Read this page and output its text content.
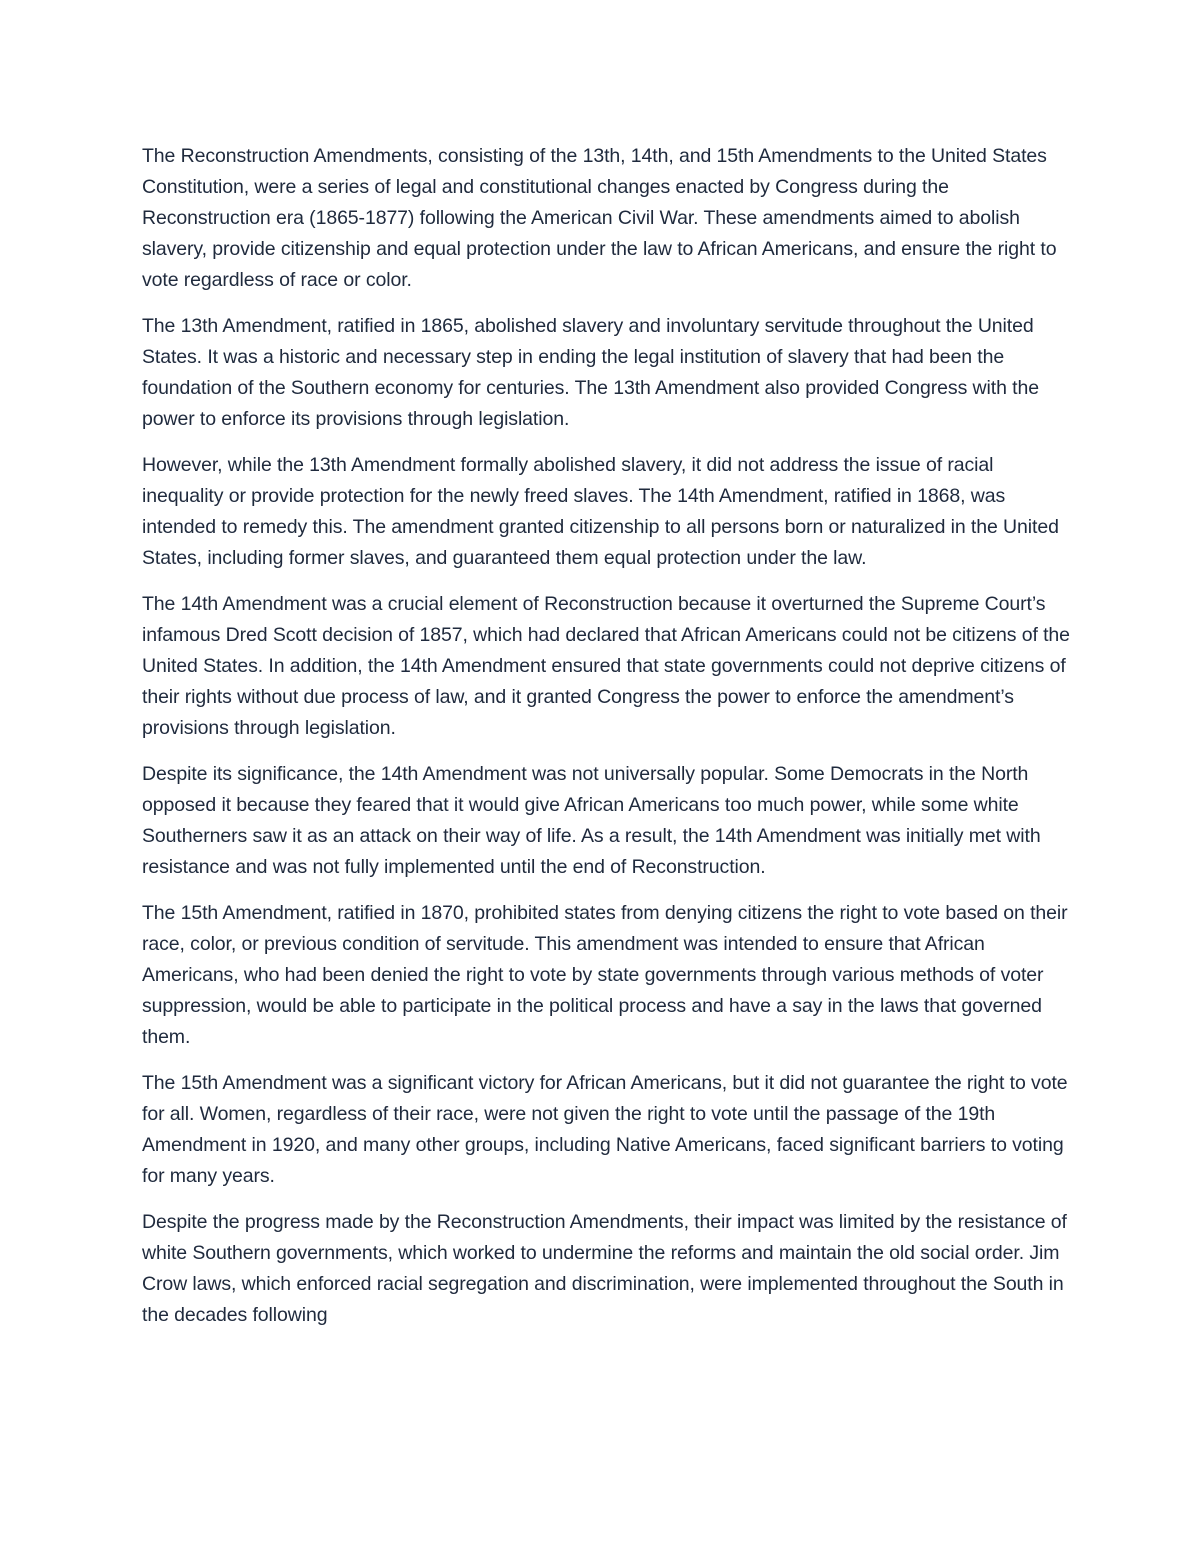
The Reconstruction Amendments, consisting of the 13th, 14th, and 15th Amendments to the United States Constitution, were a series of legal and constitutional changes enacted by Congress during the Reconstruction era (1865-1877) following the American Civil War. These amendments aimed to abolish slavery, provide citizenship and equal protection under the law to African Americans, and ensure the right to vote regardless of race or color.

The 13th Amendment, ratified in 1865, abolished slavery and involuntary servitude throughout the United States. It was a historic and necessary step in ending the legal institution of slavery that had been the foundation of the Southern economy for centuries. The 13th Amendment also provided Congress with the power to enforce its provisions through legislation.

However, while the 13th Amendment formally abolished slavery, it did not address the issue of racial inequality or provide protection for the newly freed slaves. The 14th Amendment, ratified in 1868, was intended to remedy this. The amendment granted citizenship to all persons born or naturalized in the United States, including former slaves, and guaranteed them equal protection under the law.

The 14th Amendment was a crucial element of Reconstruction because it overturned the Supreme Court’s infamous Dred Scott decision of 1857, which had declared that African Americans could not be citizens of the United States. In addition, the 14th Amendment ensured that state governments could not deprive citizens of their rights without due process of law, and it granted Congress the power to enforce the amendment’s provisions through legislation.

Despite its significance, the 14th Amendment was not universally popular. Some Democrats in the North opposed it because they feared that it would give African Americans too much power, while some white Southerners saw it as an attack on their way of life. As a result, the 14th Amendment was initially met with resistance and was not fully implemented until the end of Reconstruction.

The 15th Amendment, ratified in 1870, prohibited states from denying citizens the right to vote based on their race, color, or previous condition of servitude. This amendment was intended to ensure that African Americans, who had been denied the right to vote by state governments through various methods of voter suppression, would be able to participate in the political process and have a say in the laws that governed them.

The 15th Amendment was a significant victory for African Americans, but it did not guarantee the right to vote for all. Women, regardless of their race, were not given the right to vote until the passage of the 19th Amendment in 1920, and many other groups, including Native Americans, faced significant barriers to voting for many years.

Despite the progress made by the Reconstruction Amendments, their impact was limited by the resistance of white Southern governments, which worked to undermine the reforms and maintain the old social order. Jim Crow laws, which enforced racial segregation and discrimination, were implemented throughout the South in the decades following
